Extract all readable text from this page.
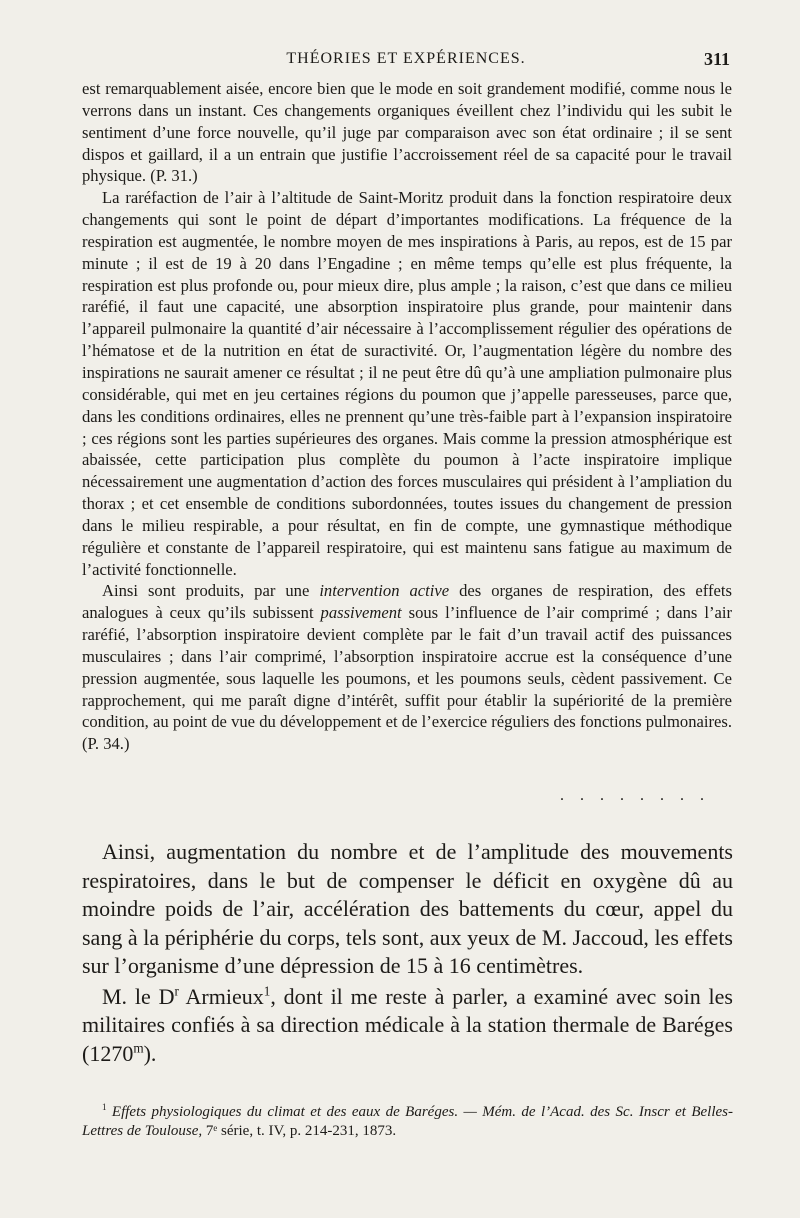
THÉORIES ET EXPÉRIENCES.	311

est remarquablement aisée, encore bien que le mode en soit grandement modifié, comme nous le verrons dans un instant. Ces changements organiques éveillent chez l’individu qui les subit le sentiment d’une force nouvelle, qu’il juge par comparaison avec son état ordinaire ; il se sent dispos et gaillard, il a un entrain que justifie l’accroissement réel de sa capacité pour le travail physique. (P. 31.)

La raréfaction de l’air à l’altitude de Saint-Moritz produit dans la fonction respiratoire deux changements qui sont le point de départ d’importantes modifications. La fréquence de la respiration est augmentée, le nombre moyen de mes inspirations à Paris, au repos, est de 15 par minute ; il est de 19 à 20 dans l’Engadine ; en même temps qu’elle est plus fréquente, la respiration est plus profonde ou, pour mieux dire, plus ample ; la raison, c’est que dans ce milieu raréfié, il faut une capacité, une absorption inspiratoire plus grande, pour maintenir dans l’appareil pulmonaire la quantité d’air nécessaire à l’accomplissement régulier des opérations de l’hématose et de la nutrition en état de suractivité. Or, l’augmentation légère du nombre des inspirations ne saurait amener ce résultat ; il ne peut être dû qu’à une ampliation pulmonaire plus considérable, qui met en jeu certaines régions du poumon que j’appelle paresseuses, parce que, dans les conditions ordinaires, elles ne prennent qu’une très-faible part à l’expansion inspiratoire ; ces régions sont les parties supérieures des organes. Mais comme la pression atmosphérique est abaissée, cette participation plus complète du poumon à l’acte inspiratoire implique nécessairement une augmentation d’action des forces musculaires qui président à l’ampliation du thorax ; et cet ensemble de conditions subordonnées, toutes issues du changement de pression dans le milieu respirable, a pour résultat, en fin de compte, une gymnastique méthodique régulière et constante de l’appareil respiratoire, qui est maintenu sans fatigue au maximum de l’activité fonctionnelle.

Ainsi sont produits, par une intervention active des organes de respiration, des effets analogues à ceux qu’ils subissent passivement sous l’influence de l’air comprimé ; dans l’air raréfié, l’absorption inspiratoire devient complète par le fait d’un travail actif des puissances musculaires ; dans l’air comprimé, l’absorption inspiratoire accrue est la conséquence d’une pression augmentée, sous laquelle les poumons, et les poumons seuls, cèdent passivement. Ce rapprochement, qui me paraît digne d’intérêt, suffit pour établir la supériorité de la première condition, au point de vue du développement et de l’exercice réguliers des fonctions pulmonaires. (P. 34.)

. . . . . . . .

Ainsi, augmentation du nombre et de l’amplitude des mouvements respiratoires, dans le but de compenser le déficit en oxygène dû au moindre poids de l’air, accélération des battements du cœur, appel du sang à la périphérie du corps, tels sont, aux yeux de M. Jaccoud, les effets sur l’organisme d’une dépression de 15 à 16 centimètres.

M. le $D^r$ Armieux$^1$, dont il me reste à parler, a examiné avec soin les militaires confiés à sa direction médicale à la station thermale de Baréges (1270$^m$).

$^1$ Effets physiologiques du climat et des eaux de Baréges. — Mém. de l’Acad. des Sc. Inscr et Belles-Lettres de Toulouse, 7ᵉ série, t. IV, p. 214-231, 1873.
